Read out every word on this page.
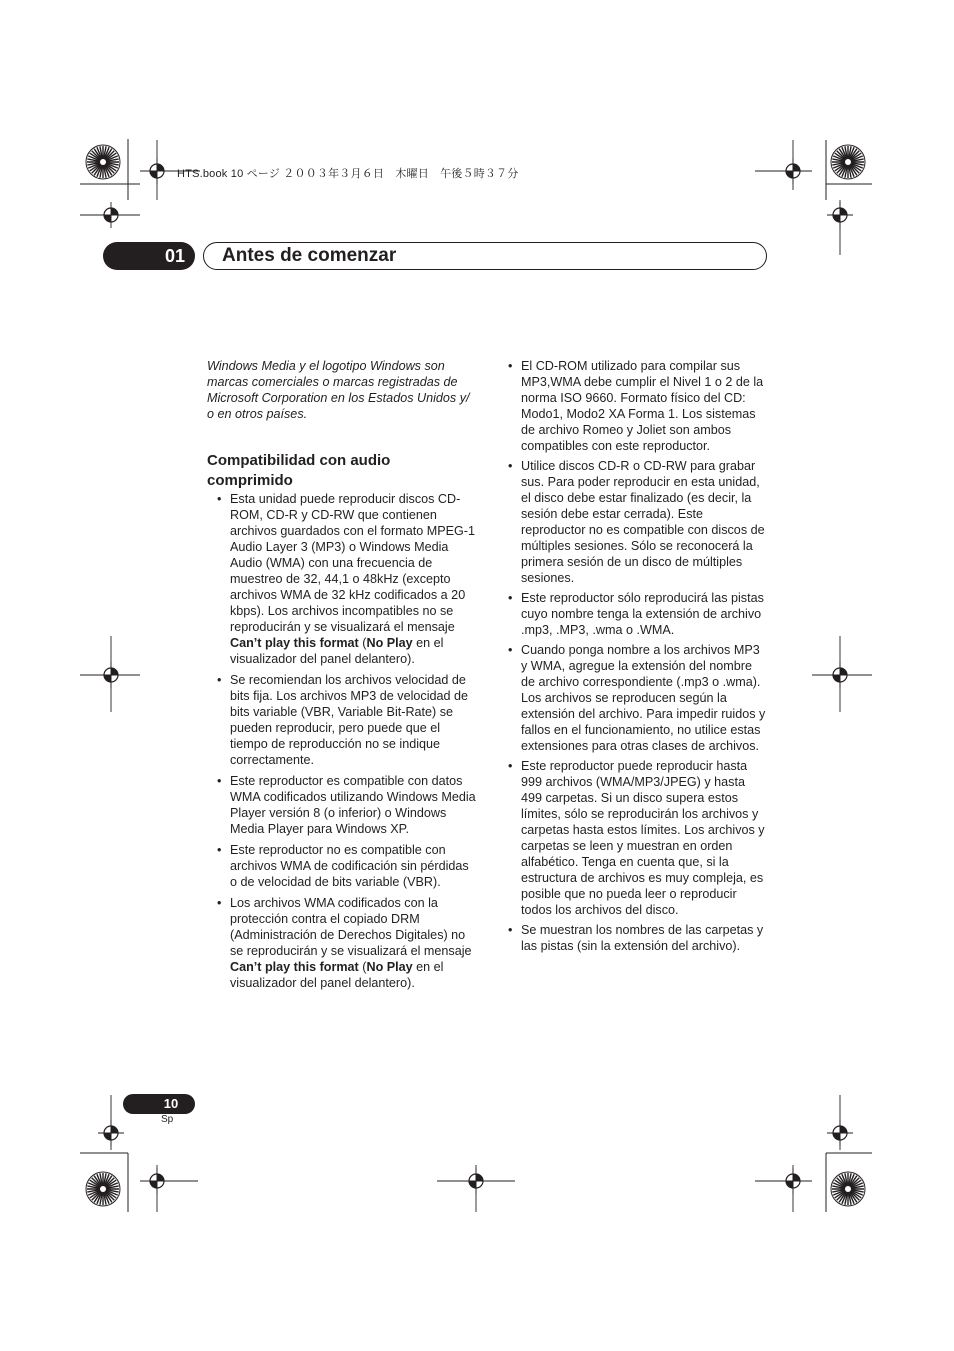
HTS.book 10 ページ ２００３年３月６日　木曜日　午後５時３７分
01	Antes de comenzar

Windows Media y el logotipo Windows son marcas comerciales o marcas registradas de Microsoft Corporation en los Estados Unidos y/ o en otros países.

Compatibilidad con audio comprimido
• Esta unidad puede reproducir discos CD-ROM, CD-R y CD-RW que contienen archivos guardados con el formato MPEG-1 Audio Layer 3 (MP3) o Windows Media Audio (WMA) con una frecuencia de muestreo de 32, 44,1 o 48kHz (excepto archivos WMA de 32 kHz codificados a 20 kbps). Los archivos incompatibles no se reproducirán y se visualizará el mensaje Can’t play this format (No Play en el visualizador del panel delantero).
• Se recomiendan los archivos velocidad de bits fija. Los archivos MP3 de velocidad de bits variable (VBR, Variable Bit-Rate) se pueden reproducir, pero puede que el tiempo de reproducción no se indique correctamente.
• Este reproductor es compatible con datos WMA codificados utilizando Windows Media Player versión 8 (o inferior) o Windows Media Player para Windows XP.
• Este reproductor no es compatible con archivos WMA de codificación sin pérdidas o de velocidad de bits variable (VBR).
• Los archivos WMA codificados con la protección contra el copiado DRM (Administración de Derechos Digitales) no se reproducirán y se visualizará el mensaje Can’t play this format (No Play en el visualizador del panel delantero).
• El CD-ROM utilizado para compilar sus MP3,WMA debe cumplir el Nivel 1 o 2 de la norma ISO 9660. Formato físico del CD: Modo1, Modo2 XA Forma 1. Los sistemas de archivo Romeo y Joliet son ambos compatibles con este reproductor.
• Utilice discos CD-R o CD-RW para grabar sus. Para poder reproducir en esta unidad, el disco debe estar finalizado (es decir, la sesión debe estar cerrada). Este reproductor no es compatible con discos de múltiples sesiones. Sólo se reconocerá la primera sesión de un disco de múltiples sesiones.
• Este reproductor sólo reproducirá las pistas cuyo nombre tenga la extensión de archivo .mp3, .MP3, .wma o .WMA.
• Cuando ponga nombre a los archivos MP3 y WMA, agregue la extensión del nombre de archivo correspondiente (.mp3 o .wma). Los archivos se reproducen según la extensión del archivo. Para impedir ruidos y fallos en el funcionamiento, no utilice estas extensiones para otras clases de archivos.
• Este reproductor puede reproducir hasta 999 archivos (WMA/MP3/JPEG) y hasta 499 carpetas. Si un disco supera estos límites, sólo se reproducirán los archivos y carpetas hasta estos límites. Los archivos y carpetas se leen y muestran en orden alfabético. Tenga en cuenta que, si la estructura de archivos es muy compleja, es posible que no pueda leer o reproducir todos los archivos del disco.
• Se muestran los nombres de las carpetas y las pistas (sin la extensión del archivo).
10
Sp
